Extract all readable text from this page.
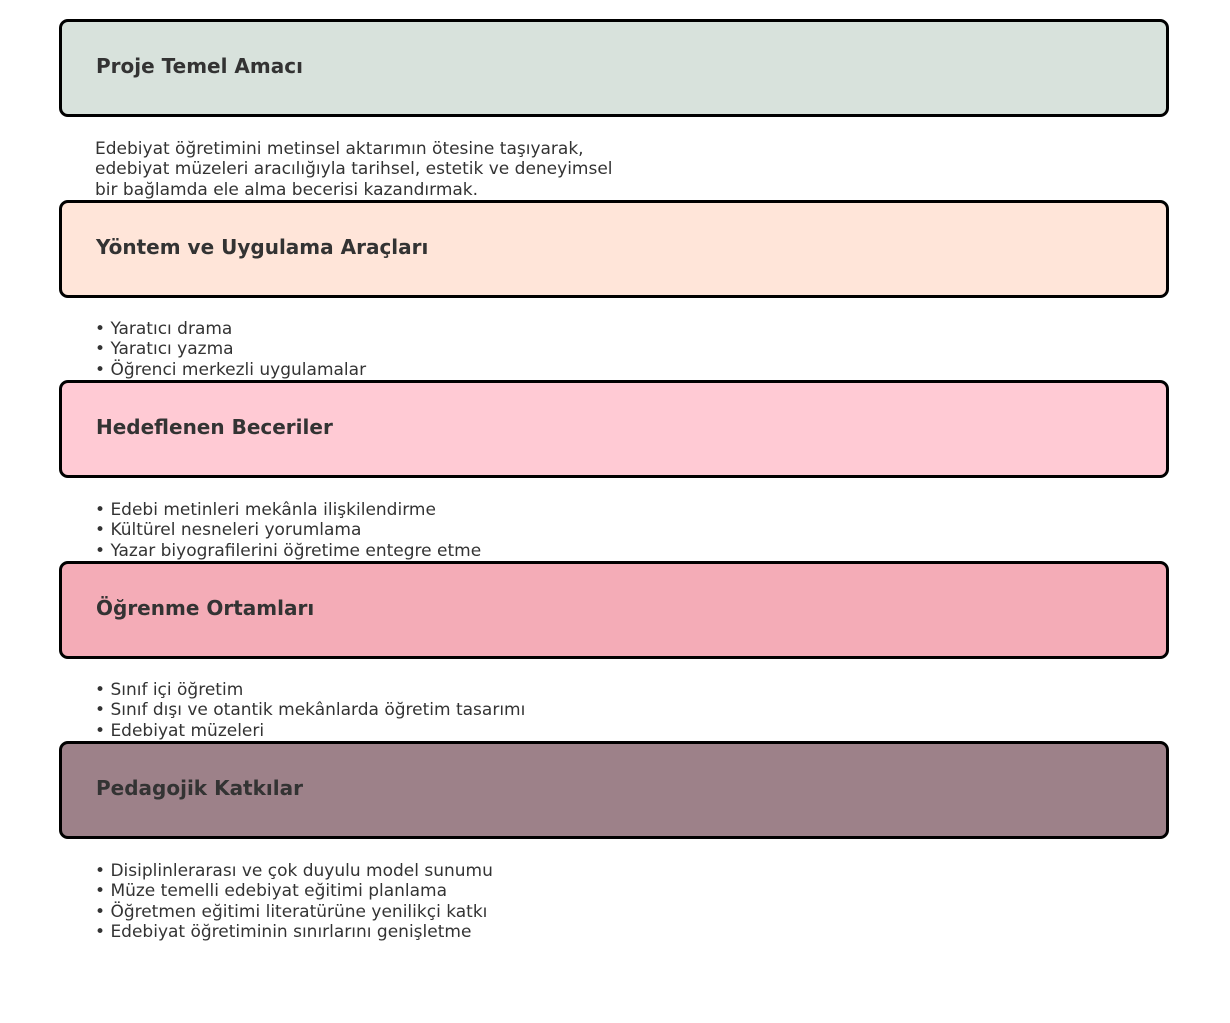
Proje Temel Amacı

Edebiyat öğretimini metinsel aktarımın ötesine taşıyarak,

edebiyat müzeleri aracılığıyla tarihsel, estetik ve deneyimsel

bir bağlamda ele alma becerisi kazandırmak.

Yöntem ve Uygulama Araçları
• Yaratıcı drama
• Yaratıcı yazma
• Öğrenci merkezli uygulamalar
Hedeflenen Beceriler
• Edebi metinleri mekânla ilişkilendirme
• Kültürel nesneleri yorumlama
• Yazar biyografilerini öğretime entegre etme
Öğrenme Ortamları
• Sınıf içi öğretim
• Sınıf dışı ve otantik mekânlarda öğretim tasarımı
• Edebiyat müzeleri
Pedagojik Katkılar
• Disiplinlerarası ve çok duyulu model sunumu
• Müze temelli edebiyat eğitimi planlama
• Öğretmen eğitimi literatürüne yenilikçi katkı
• Edebiyat öğretiminin sınırlarını genişletme
